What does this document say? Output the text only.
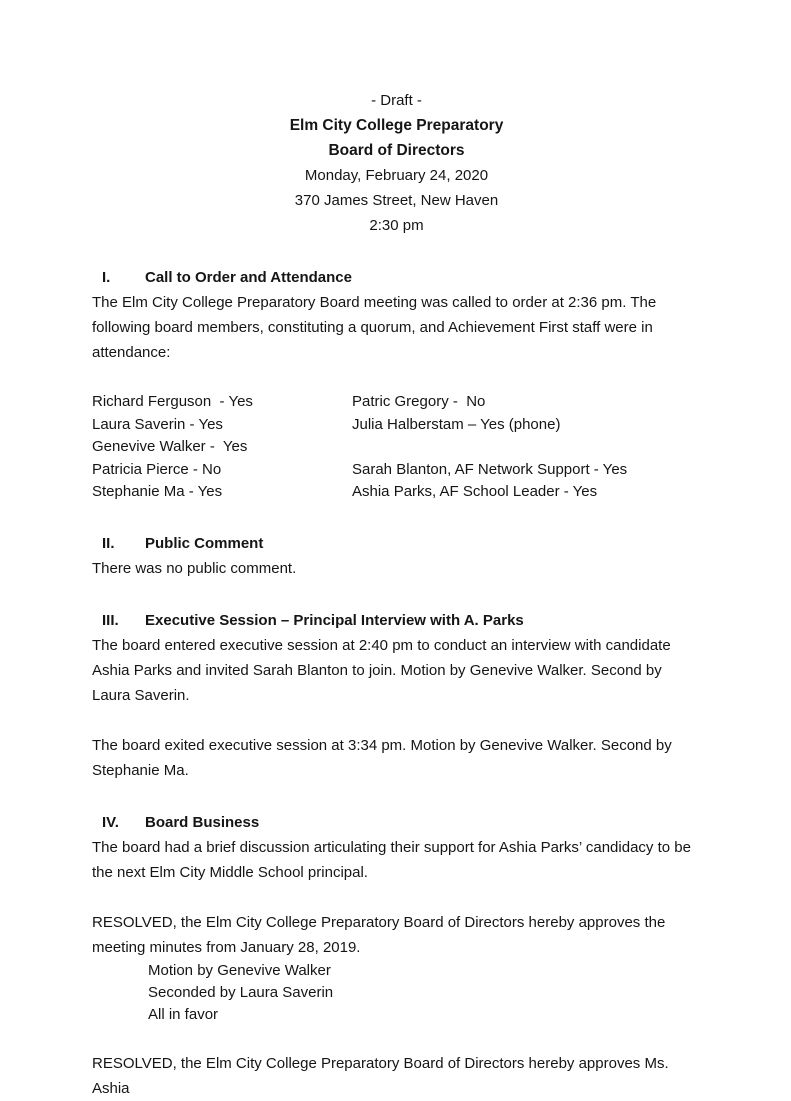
- Draft -
Elm City College Preparatory
Board of Directors
Monday, February 24, 2020
370 James Street, New Haven
2:30 pm
I.	Call to Order and Attendance

The Elm City College Preparatory Board meeting was called to order at 2:36 pm. The following board members, constituting a quorum, and Achievement First staff were in attendance:

Richard Ferguson  - Yes	Patric Gregory -  No
Laura Saverin - Yes	Julia Halberstam – Yes (phone)
Genevive Walker -  Yes
Patricia Pierce - No	Sarah Blanton, AF Network Support - Yes
Stephanie Ma - Yes	Ashia Parks, AF School Leader - Yes
II.	Public Comment

There was no public comment.

III.	Executive Session – Principal Interview with A. Parks

The board entered executive session at 2:40 pm to conduct an interview with candidate Ashia Parks and invited Sarah Blanton to join. Motion by Genevive Walker. Second by Laura Saverin.

The board exited executive session at 3:34 pm. Motion by Genevive Walker. Second by Stephanie Ma.

IV.	Board Business

The board had a brief discussion articulating their support for Ashia Parks’ candidacy to be the next Elm City Middle School principal.

RESOLVED, the Elm City College Preparatory Board of Directors hereby approves the meeting minutes from January 28, 2019.

Motion by Genevive Walker
Seconded by Laura Saverin
All in favor

RESOLVED, the Elm City College Preparatory Board of Directors hereby approves Ms. Ashia
